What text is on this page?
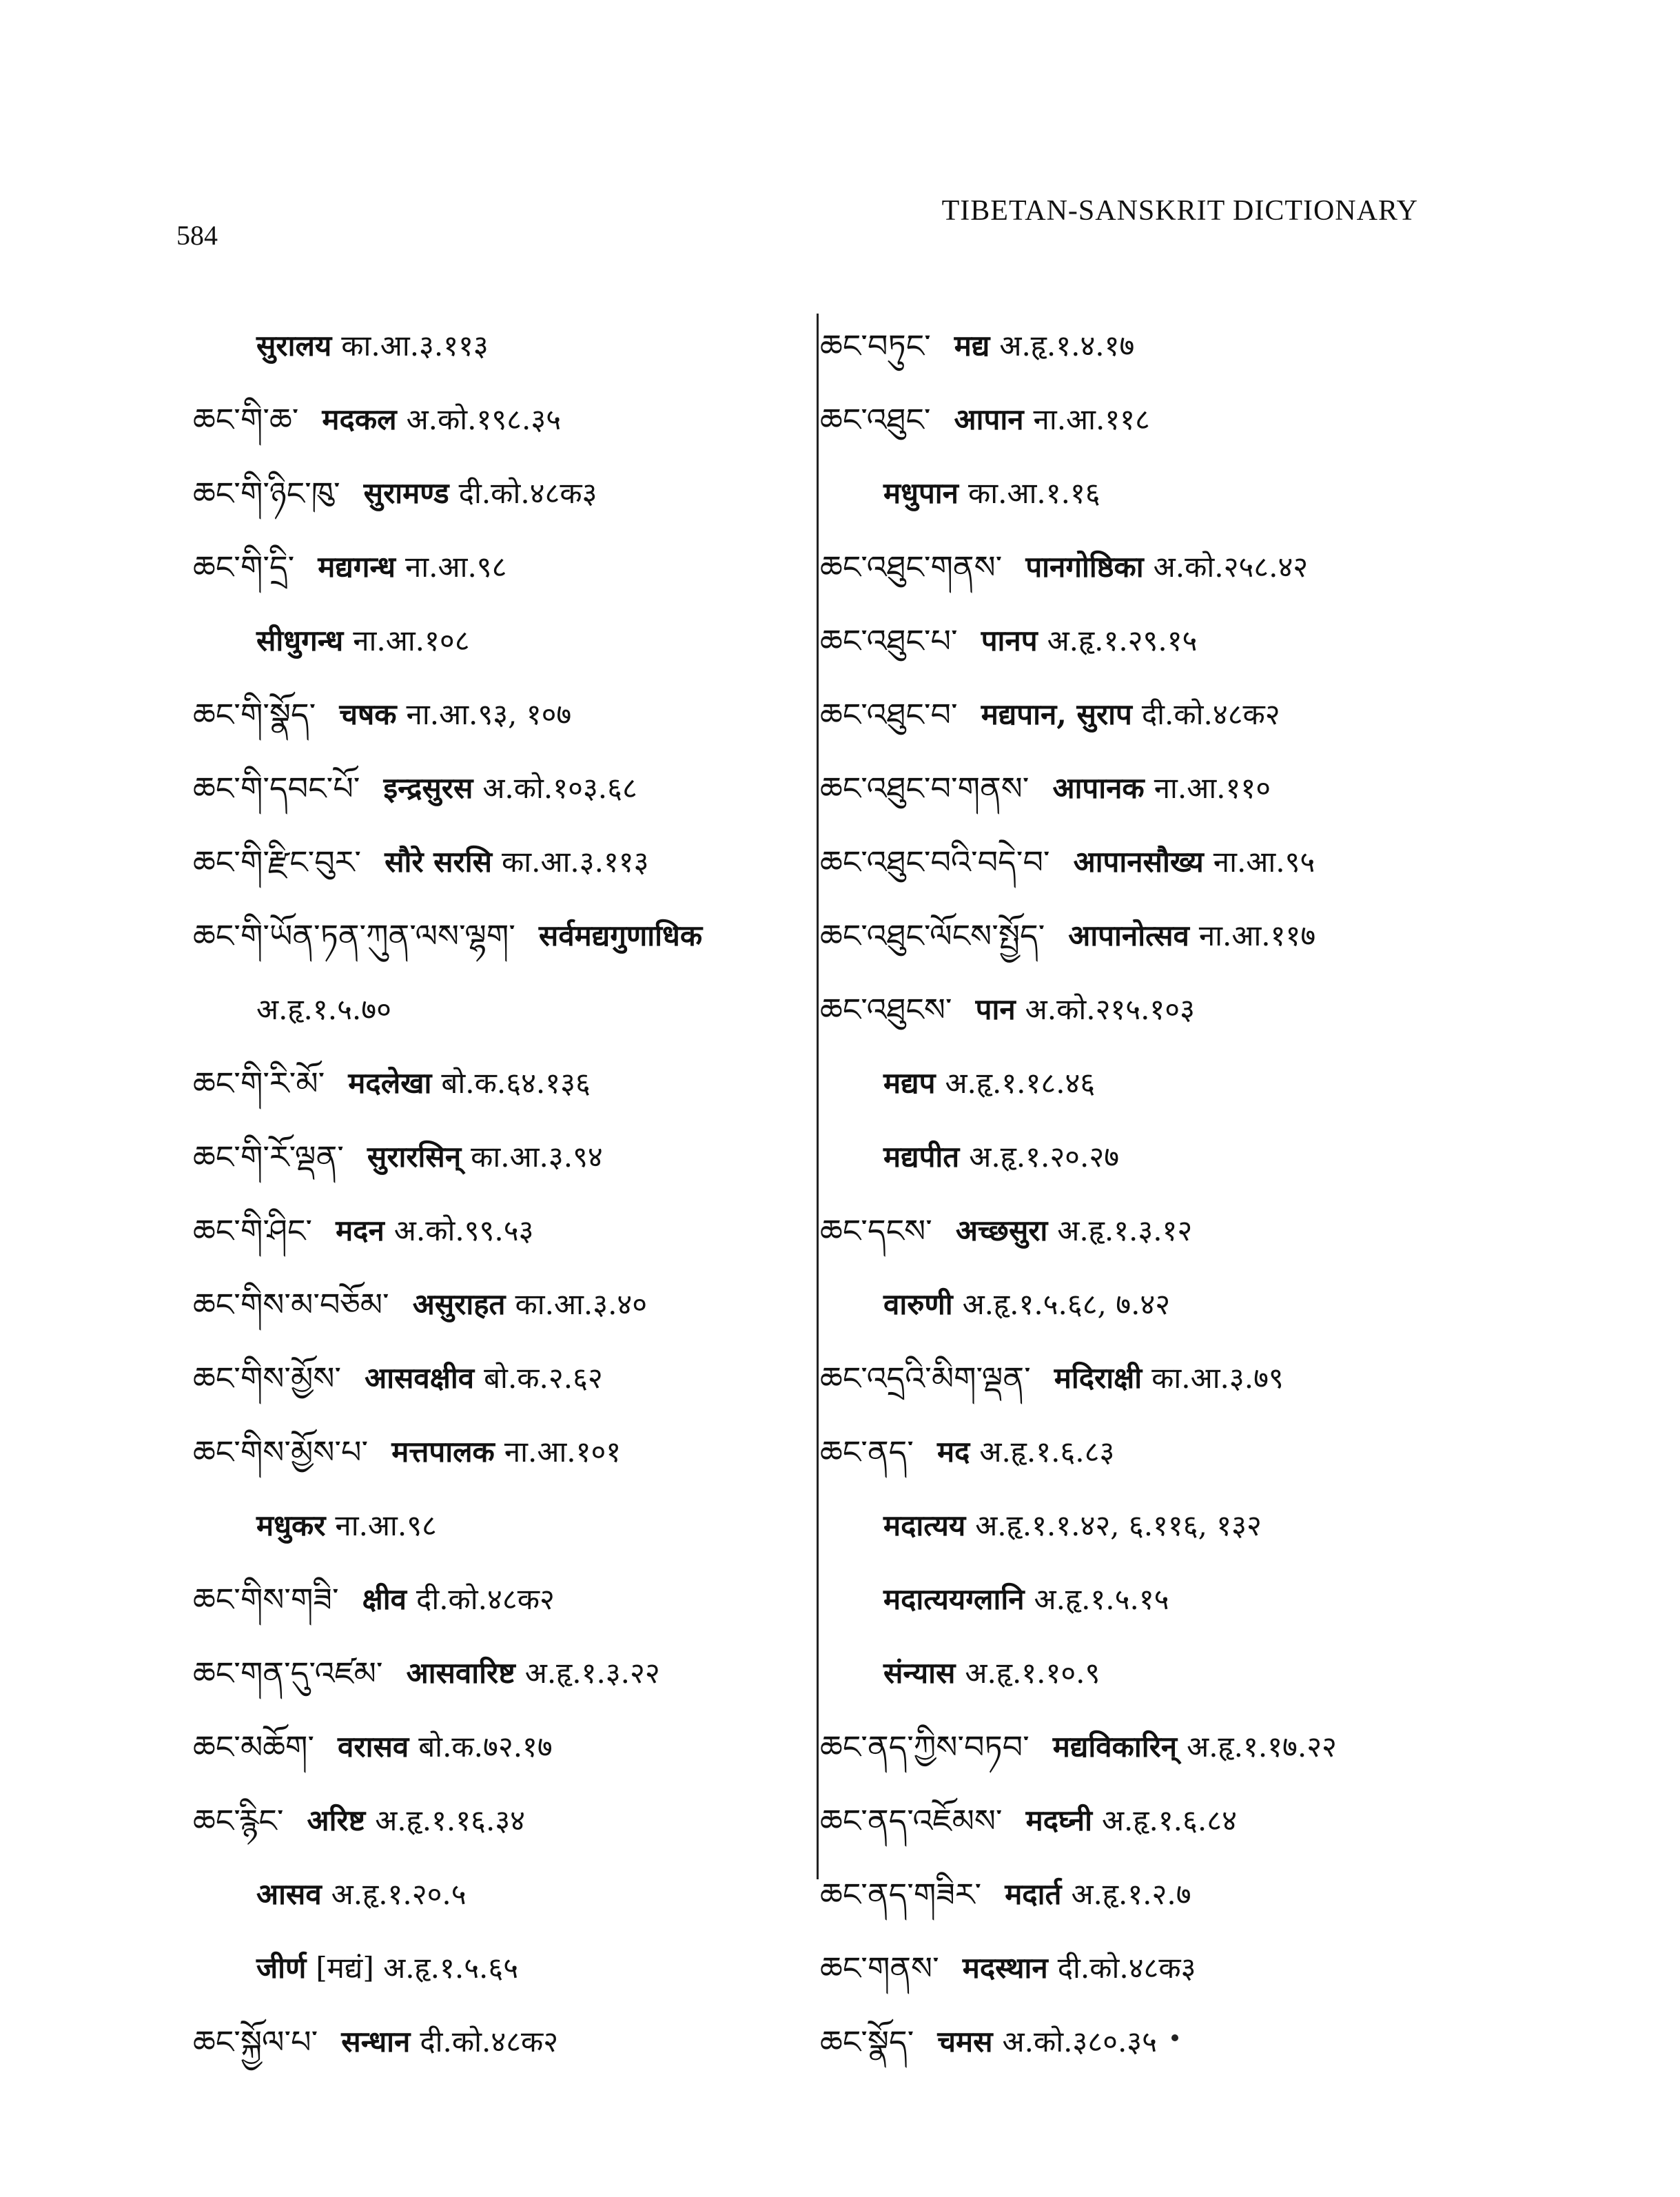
584
TIBETAN-SANSKRIT DICTIONARY
सुरालय का.आ.३.११३
ཆང་གི་ཆ་ मदकल अ.को.१९८.३५
ཆང་གི་ཉིང་ཁུ་ सुरामण्ड दी.को.४८क३
ཆང་གི་དྲི་ मद्यगन्ध ना.आ.९८
सीधुगन्ध ना.आ.१०८
ཆང་གི་སྣོད་ चषक ना.आ.९३, १०७
ཆང་གི་དབང་པོ་ इन्द्रसुरस अ.को.१०३.६८
ཆང་གི་རྫིང་བུར་ सौरे सरसि का.आ.३.११३
ཆང་གི་ཡོན་ཏན་ཀུན་ལས་ལྷག་ सर्वमद्यगुणाधिक
अ.हृ.१.५.७०
ཆང་གི་རི་མོ་ मदलेखा बो.क.६४.१३६
ཆང་གི་རོ་ལྡན་ सुरारसिन् का.आ.३.९४
ཆང་གི་ཤིང་ मदन अ.को.९९.५३
ཆང་གིས་མ་བཅོམ་ असुराहत का.आ.३.४०
ཆང་གིས་མྱོས་ आसवक्षीव बो.क.२.६२
ཆང་གིས་མྱོས་པ་ मत्तपालक ना.आ.१०१
मधुकर ना.आ.९८
ཆང་གིས་གཟི་ क्षीव दी.को.४८क२
ཆང་གན་དུ་འཛམ་ आसवारिष्ट अ.हृ.१.३.२२
ཆང་མཆོག་ वरासव बो.क.७२.१७
ཆང་རྙིང་ अरिष्ट अ.हृ.१.१६.३४
आसव अ.हृ.१.२०.५
जीर्ण [मद्यं] अ.हृ.१.५.६५
ཆང་སྐྱོལ་པ་ सन्धान दी.को.४८क२
ཆང་བཏུང་ मद्य अ.हृ.१.४.१७
ཆང་འཐུང་ आपान ना.आ.११८
मधुपान का.आ.१.१६
ཆང་འཐུང་གནས་ पानगोष्ठिका अ.को.२५८.४२
ཆང་འཐུང་པ་ पानप अ.हृ.१.२९.१५
ཆང་འཐུང་བ་ मद्यपान, सुराप दी.को.४८क२
ཆང་འཐུང་བ་གནས་ आपानक ना.आ.११०
ཆང་འཐུང་བའི་བདེ་བ་ आपानसौख्य ना.आ.९५
ཆང་འཐུང་ལོངས་སྤྱོད་ आपानोत्सव ना.आ.११७
ཆང་འཐུངས་ पान अ.को.२१५.१०३
मद्यप अ.हृ.१.१८.४६
मद्यपीत अ.हृ.१.२०.२७
ཆང་དངས་ अच्छसुरा अ.हृ.१.३.१२
वारुणी अ.हृ.१.५.६८, ७.४२
ཆང་འདྲའི་མིག་ལྡན་ मदिराक्षी का.आ.३.७९
ཆང་ནད་ मद अ.हृ.१.६.८३
मदात्यय अ.हृ.१.१.४२, ६.११६, १३२
मदात्ययग्लानि अ.हृ.१.५.१५
संन्यास अ.हृ.१.१०.९
ཆང་ནད་ཀྱིས་བཏབ་ मद्यविकारिन् अ.हृ.१.१७.२२
ཆང་ནད་འཇོམས་ मदघ्नी अ.हृ.१.६.८४
ཆང་ནད་གཟིར་ मदार्त अ.हृ.१.२.७
ཆང་གནས་ मदस्थान दी.को.४८क३
ཆང་སྣོད་ चमस अ.को.३८०.३५
